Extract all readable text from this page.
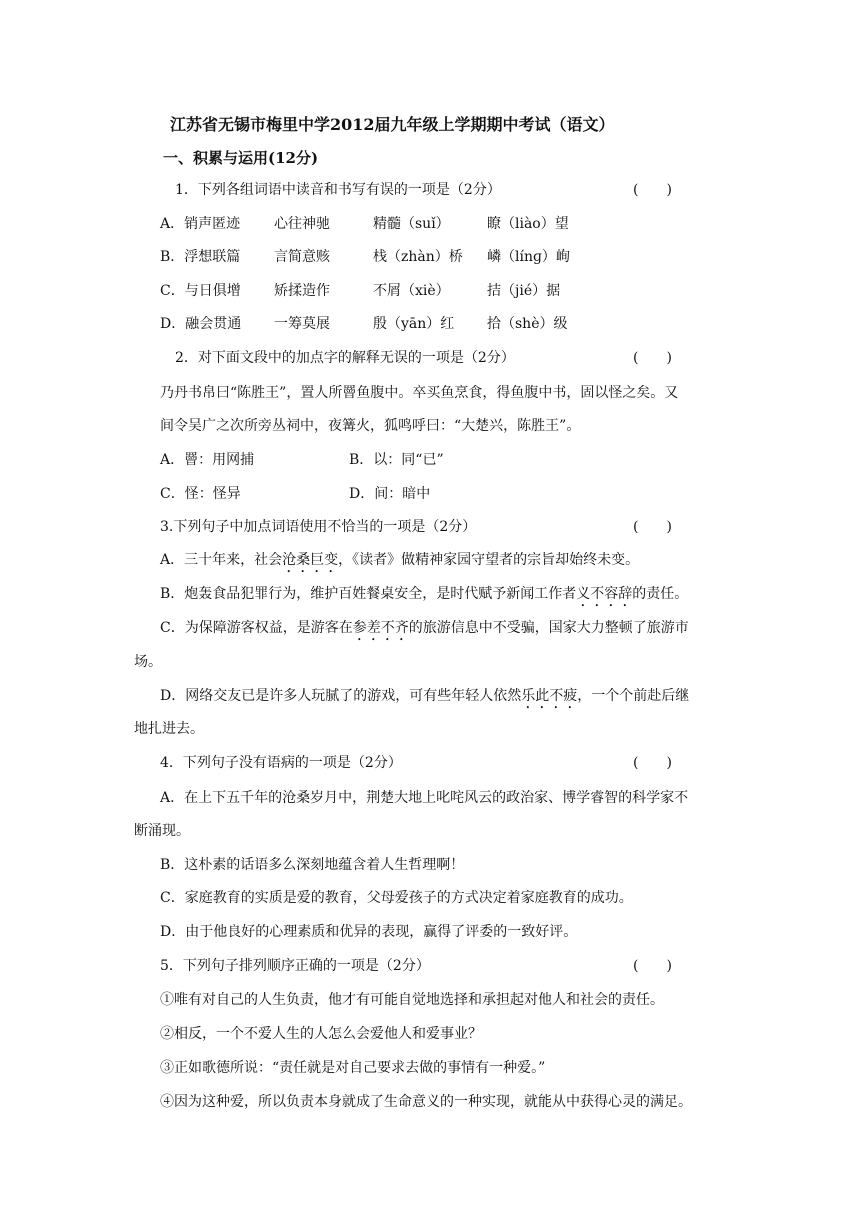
江苏省无锡市梅里中学2012届九年级上学期期中考试（语文）
一、积累与运用(12分)
1．下列各组词语中读音和书写有误的一项是（2分）	(　　)
A．销声匿迹 心往神驰	精髓（suǐ）	瞭（liào）望
B．浮想联篇 言简意赅	栈（zhàn）桥 嶙（línɡ）峋
C．与日俱增 矫揉造作	不屑（xiè）	拮（jié）据
D．融会贯通 一筹莫展	殷（yān）红 拾（shè）级
2．对下面文段中的加点字的解释无误的一项是（2分）	(　　)
乃丹书帛曰“陈胜王”，置人所罾鱼腹中。卒买鱼烹食，得鱼腹中书，固以怪之矣。又
间令吴广之次所旁丛祠中，夜篝火，狐鸣呼曰：“大楚兴，陈胜王”。
A．罾：用网捕	B．以：同“已”
C．怪：怪异	D．间：暗中
3.下列句子中加点词语使用不恰当的一项是（2分）	(　　)
A．三十年来，社会沧桑巨变，《读者》做精神家园守望者的宗旨却始终未变。
B．炮轰食品犯罪行为，维护百姓餐桌安全，是时代赋予新闻工作者义不容辞的责任。
C．为保障游客权益，是游客在参差不齐的旅游信息中不受骗，国家大力整顿了旅游市
场。
D．网络交友已是许多人玩腻了的游戏，可有些年轻人依然乐此不疲，一个个前赴后继
地扎进去。
4．下列句子没有语病的一项是（2分）	(　　)
A．在上下五千年的沧桑岁月中，荆楚大地上叱咤风云的政治家、博学睿智的科学家不
断涌现。
B．这朴素的话语多么深刻地蕴含着人生哲理啊！
C．家庭教育的实质是爱的教育，父母爱孩子的方式决定着家庭教育的成功。
D．由于他良好的心理素质和优异的表现，赢得了评委的一致好评。
5．下列句子排列顺序正确的一项是（2分）	(　　)
①唯有对自己的人生负责，他才有可能自觉地选择和承担起对他人和社会的责任。
②相反，一个不爱人生的人怎么会爱他人和爱事业？
③正如歌德所说：“责任就是对自己要求去做的事情有一种爱。”
④因为这种爱，所以负责本身就成了生命意义的一种实现，就能从中获得心灵的满足。
